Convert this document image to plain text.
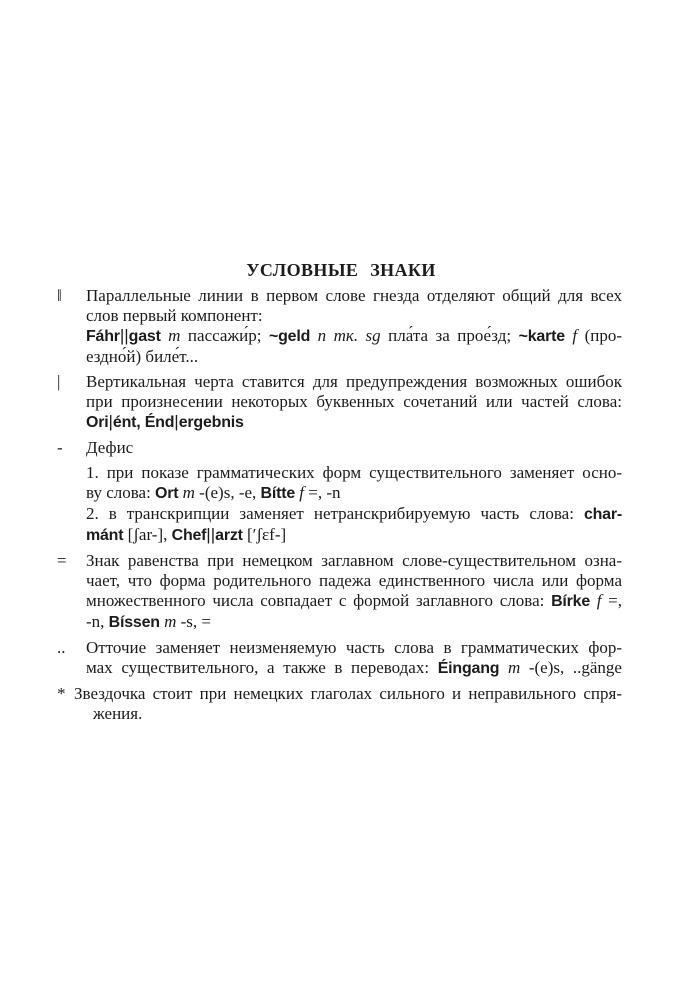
УСЛОВНЫЕ ЗНАКИ
‖	Параллельные линии в первом слове гнезда отделяют общий для всех
слов первый компонент:
Fáhr||gast m пассажи́р; ~geld n тк. sg пла́та за прое́зд; ~karte f (про-
ездно́й) биле́т...
|	Вертикальная черта ставится для предупреждения возможных ошибок
при произнесении некоторых буквенных сочетаний или частей слова:
Ori|ént, Énd|ergebnis
-	Дефис
1. при показе грамматических форм существительного заменяет осно-
ву слова: Ort m -(e)s, -e, Bítte f =, -n
2. в транскрипции заменяет нетранскрибируемую часть слова: char-
mánt [ʃar-], Chef||arzt [ʹʃɛf-]
=	Знак равенства при немецком заглавном слове-существительном озна-
чает, что форма родительного падежа единственного числа или форма
множественного числа совпадает с формой заглавного слова: Bírke f =,
-n, Bíssen m -s, =
..	Отточие заменяет неизменяемую часть слова в грамматических фор-
мах существительного, а также в переводах: Éingang m -(e)s, ..gänge
* Звездочка стоит при немецких глаголах сильного и неправильного спря-
жения.
